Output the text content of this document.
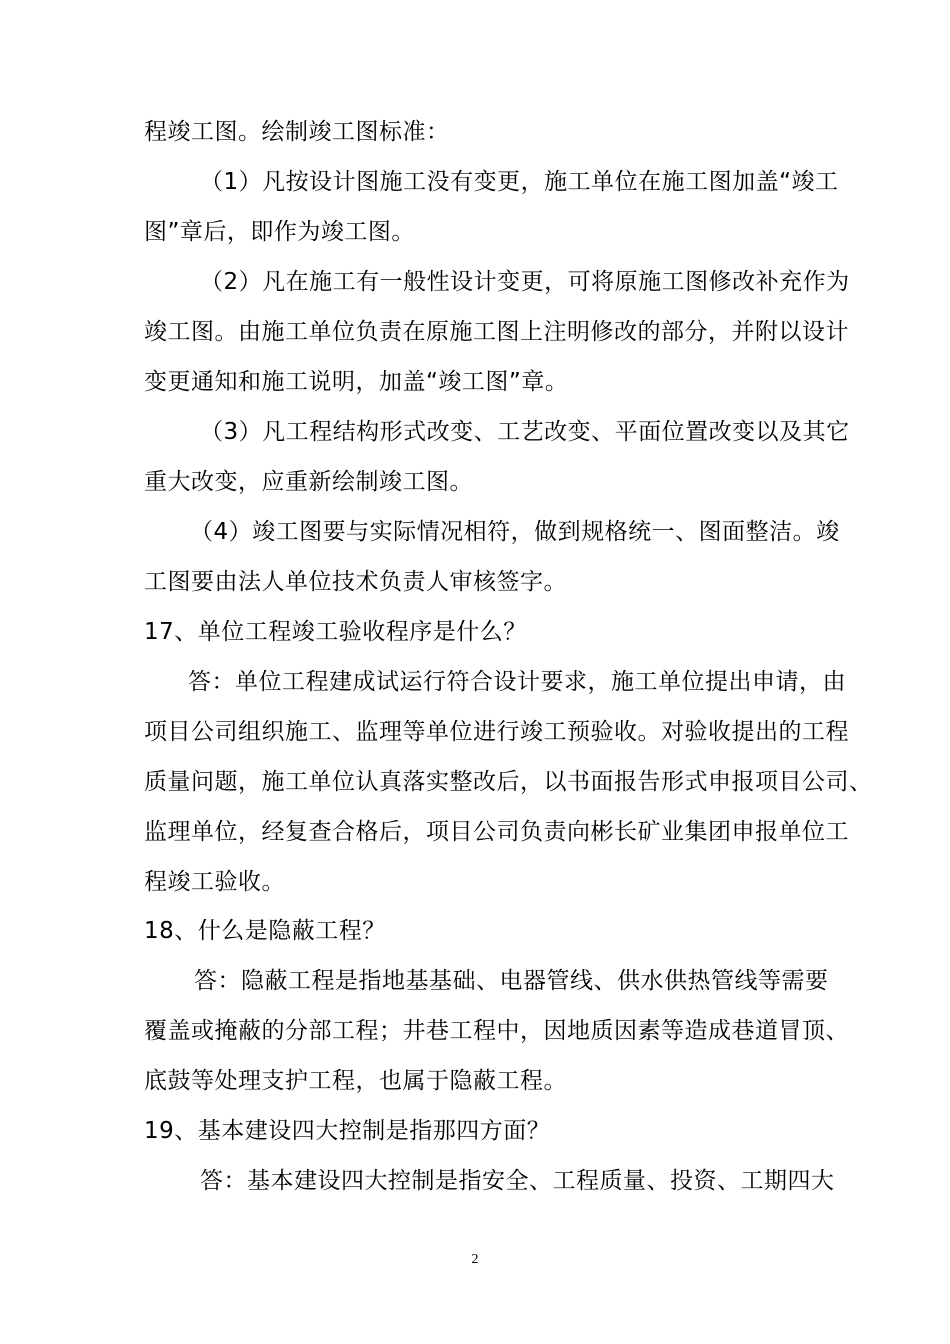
程竣工图。绘制竣工图标准：
（1）凡按设计图施工没有变更，施工单位在施工图加盖“竣工
图”章后，即作为竣工图。
（2）凡在施工有一般性设计变更，可将原施工图修改补充作为
竣工图。由施工单位负责在原施工图上注明修改的部分，并附以设计
变更通知和施工说明，加盖“竣工图”章。
（3）凡工程结构形式改变、工艺改变、平面位置改变以及其它
重大改变，应重新绘制竣工图。
（4）竣工图要与实际情况相符，做到规格统一、图面整洁。竣
工图要由法人单位技术负责人审核签字。
17、单位工程竣工验收程序是什么？
答：单位工程建成试运行符合设计要求，施工单位提出申请，由
项目公司组织施工、监理等单位进行竣工预验收。对验收提出的工程
质量问题，施工单位认真落实整改后，以书面报告形式申报项目公司、
监理单位，经复查合格后，项目公司负责向彬长矿业集团申报单位工
程竣工验收。
18、什么是隐蔽工程？
答：隐蔽工程是指地基基础、电器管线、供水供热管线等需要
覆盖或掩蔽的分部工程；井巷工程中，因地质因素等造成巷道冒顶、
底鼓等处理支护工程，也属于隐蔽工程。
19、基本建设四大控制是指那四方面？
答：基本建设四大控制是指安全、工程质量、投资、工期四大
2
